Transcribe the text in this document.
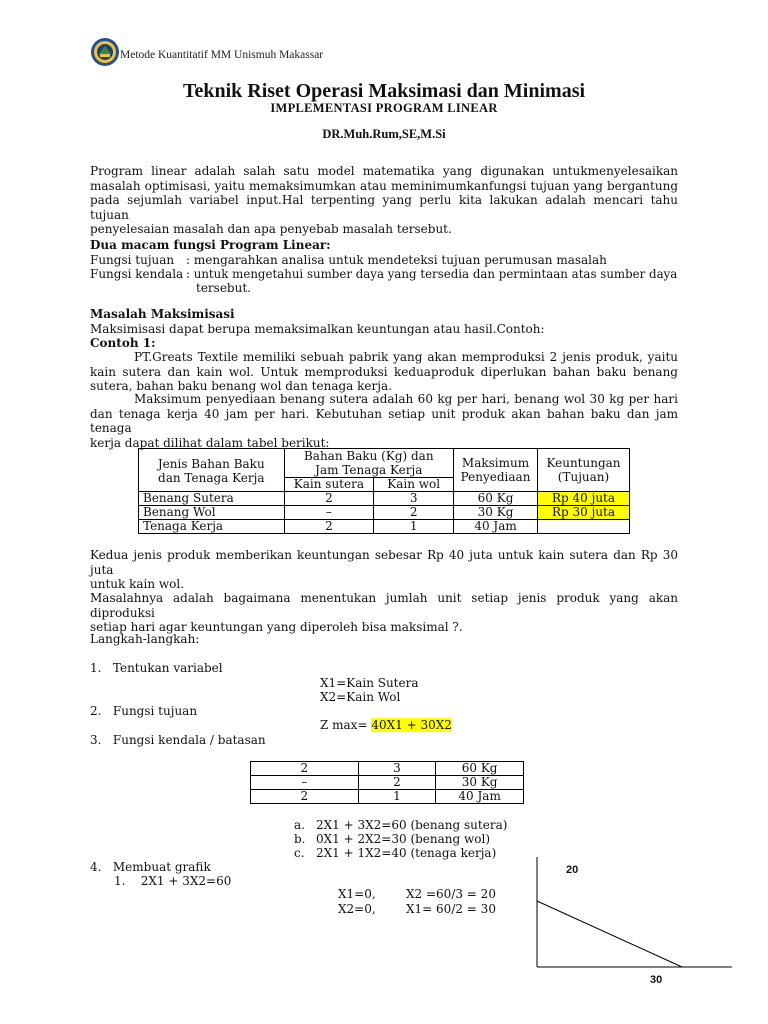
Metode Kuantitatif MM Unismuh Makassar
Teknik Riset Operasi Maksimasi dan Minimasi
IMPLEMENTASI PROGRAM LINEAR
DR.Muh.Rum,SE,M.Si
Program linear adalah salah satu model matematika yang digunakan untukmenyelesaikan
masalah optimisasi, yaitu memaksimumkan atau meminimumkanfungsi tujuan yang bergantung
pada sejumlah variabel input.Hal terpenting yang perlu kita lakukan adalah mencari tahu tujuan
penyelesaian masalah dan apa penyebab masalah tersebut.
Dua macam fungsi Program Linear:
Fungsi tujuan : mengarahkan analisa untuk mendeteksi tujuan perumusan masalah
Fungsi kendala : untuk mengetahui sumber daya yang tersedia dan permintaan atas sumber daya
tersebut.
Masalah Maksimisasi
Maksimisasi dapat berupa memaksimalkan keuntungan atau hasil.Contoh:
Contoh 1:
PT.Greats Textile memiliki sebuah pabrik yang akan memproduksi 2 jenis produk, yaitu
kain sutera dan kain wol. Untuk memproduksi keduaproduk diperlukan bahan baku benang
sutera, bahan baku benang wol dan tenaga kerja.
Maksimum penyediaan benang sutera adalah 60 kg per hari, benang wol 30 kg per hari
dan tenaga kerja 40 jam per hari. Kebutuhan setiap unit produk akan bahan baku dan jam tenaga
kerja dapat dilihat dalam tabel berikut:
Jenis Bahan Baku
dan Tenaga Kerja	Bahan Baku (Kg) dan
Jam Tenaga Kerja		Maksimum
Penyediaan	Keuntungan
(Tujuan)
	Kain sutera	Kain wol		
Benang Sutera	2	3	60 Kg	Rp 40 juta
Benang Wol	–	2	30 Kg	Rp 30 juta
Tenaga Kerja	2	1	40 Jam	
Kedua jenis produk memberikan keuntungan sebesar Rp 40 juta untuk kain sutera dan Rp 30 juta
untuk kain wol.
Masalahnya adalah bagaimana menentukan jumlah unit setiap jenis produk yang akan diproduksi
setiap hari agar keuntungan yang diperoleh bisa maksimal ?.
Langkah-langkah:
1.   Tentukan variabel
X1=Kain Sutera
X2=Kain Wol
2.   Fungsi tujuan
Z max= 40X1 + 30X2
3.   Fungsi kendala / batasan
2	3	60 Kg
–	2	30 Kg
2	1	40 Jam
a. 2X1 + 3X2=60 (benang sutera)
b. 0X1 + 2X2=30 (benang wol)
c. 2X1 + 1X2=40 (tenaga kerja)
4.   Membuat grafik
1.    2X1 + 3X2=60
X1=0,	X2 =60/3 = 20
X2=0,	X1= 60/2 = 30
20
30
